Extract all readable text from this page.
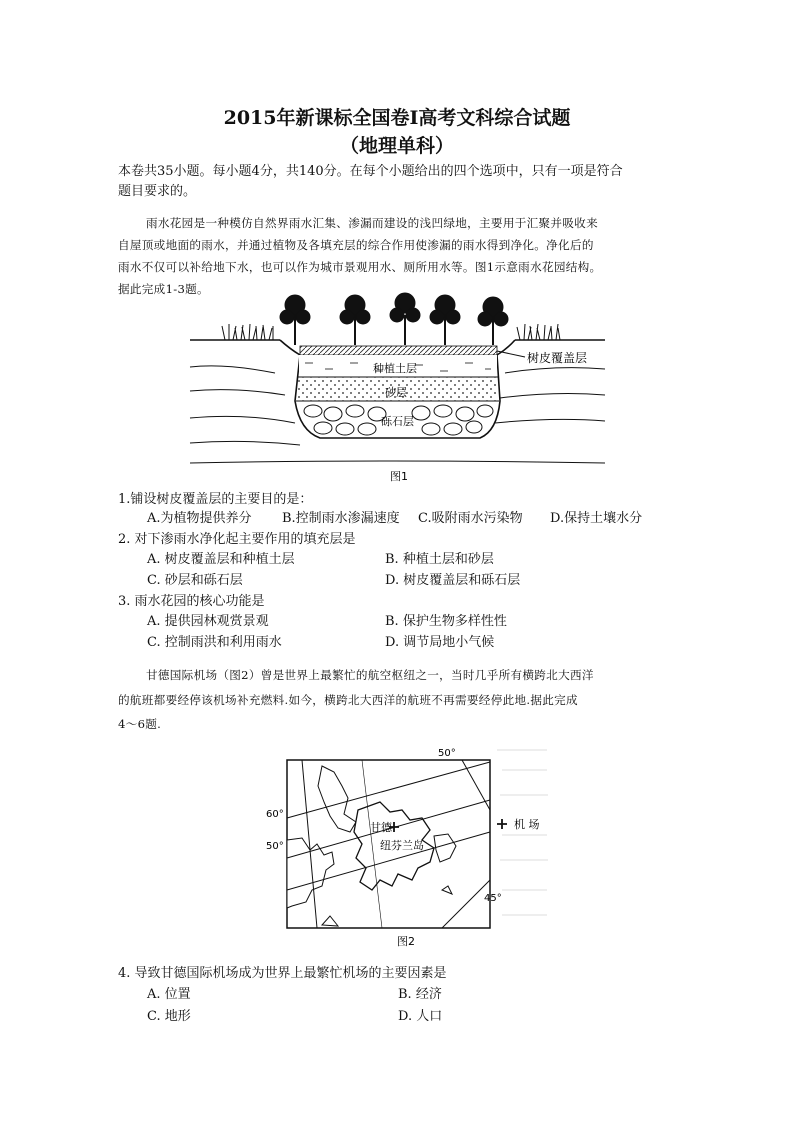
2015年新课标全国卷I高考文科综合试题
（地理单科）
本卷共35小题。每小题4分，共140分。在每个小题给出的四个选项中，只有一项是符合
题目要求的。
雨水花园是一种模仿自然界雨水汇集、渗漏而建设的浅凹绿地，主要用于汇聚并吸收来
自屋顶或地面的雨水，并通过植物及各填充层的综合作用使渗漏的雨水得到净化。净化后的
雨水不仅可以补给地下水，也可以作为城市景观用水、厕所用水等。图1示意雨水花园结构。
据此完成1-3题。
树皮覆盖层
种植土层
砂层
砾石层
图1
1.铺设树皮覆盖层的主要目的是：
A.为植物提供养分 B.控制雨水渗漏速度 C.吸附雨水污染物 D.保持土壤水分
2. 对下渗雨水净化起主要作用的填充层是
A. 树皮覆盖层和种植土层	B. 种植土层和砂层
C. 砂层和砾石层	D. 树皮覆盖层和砾石层
3. 雨水花园的核心功能是
A. 提供园林观赏景观	B. 保护生物多样性性
C. 控制雨洪和利用雨水	D. 调节局地小气候
甘德国际机场（图2）曾是世界上最繁忙的航空枢纽之一，当时几乎所有横跨北大西洋
的航班都要经停该机场补充燃料.如今，横跨北大西洋的航班不再需要经停此地.据此完成
4～6题.
50°
60°
50°
45°
甘德
纽芬兰岛
机 场
图2
4. 导致甘德国际机场成为世界上最繁忙机场的主要因素是
A. 位置	B. 经济
C. 地形	D. 人口
